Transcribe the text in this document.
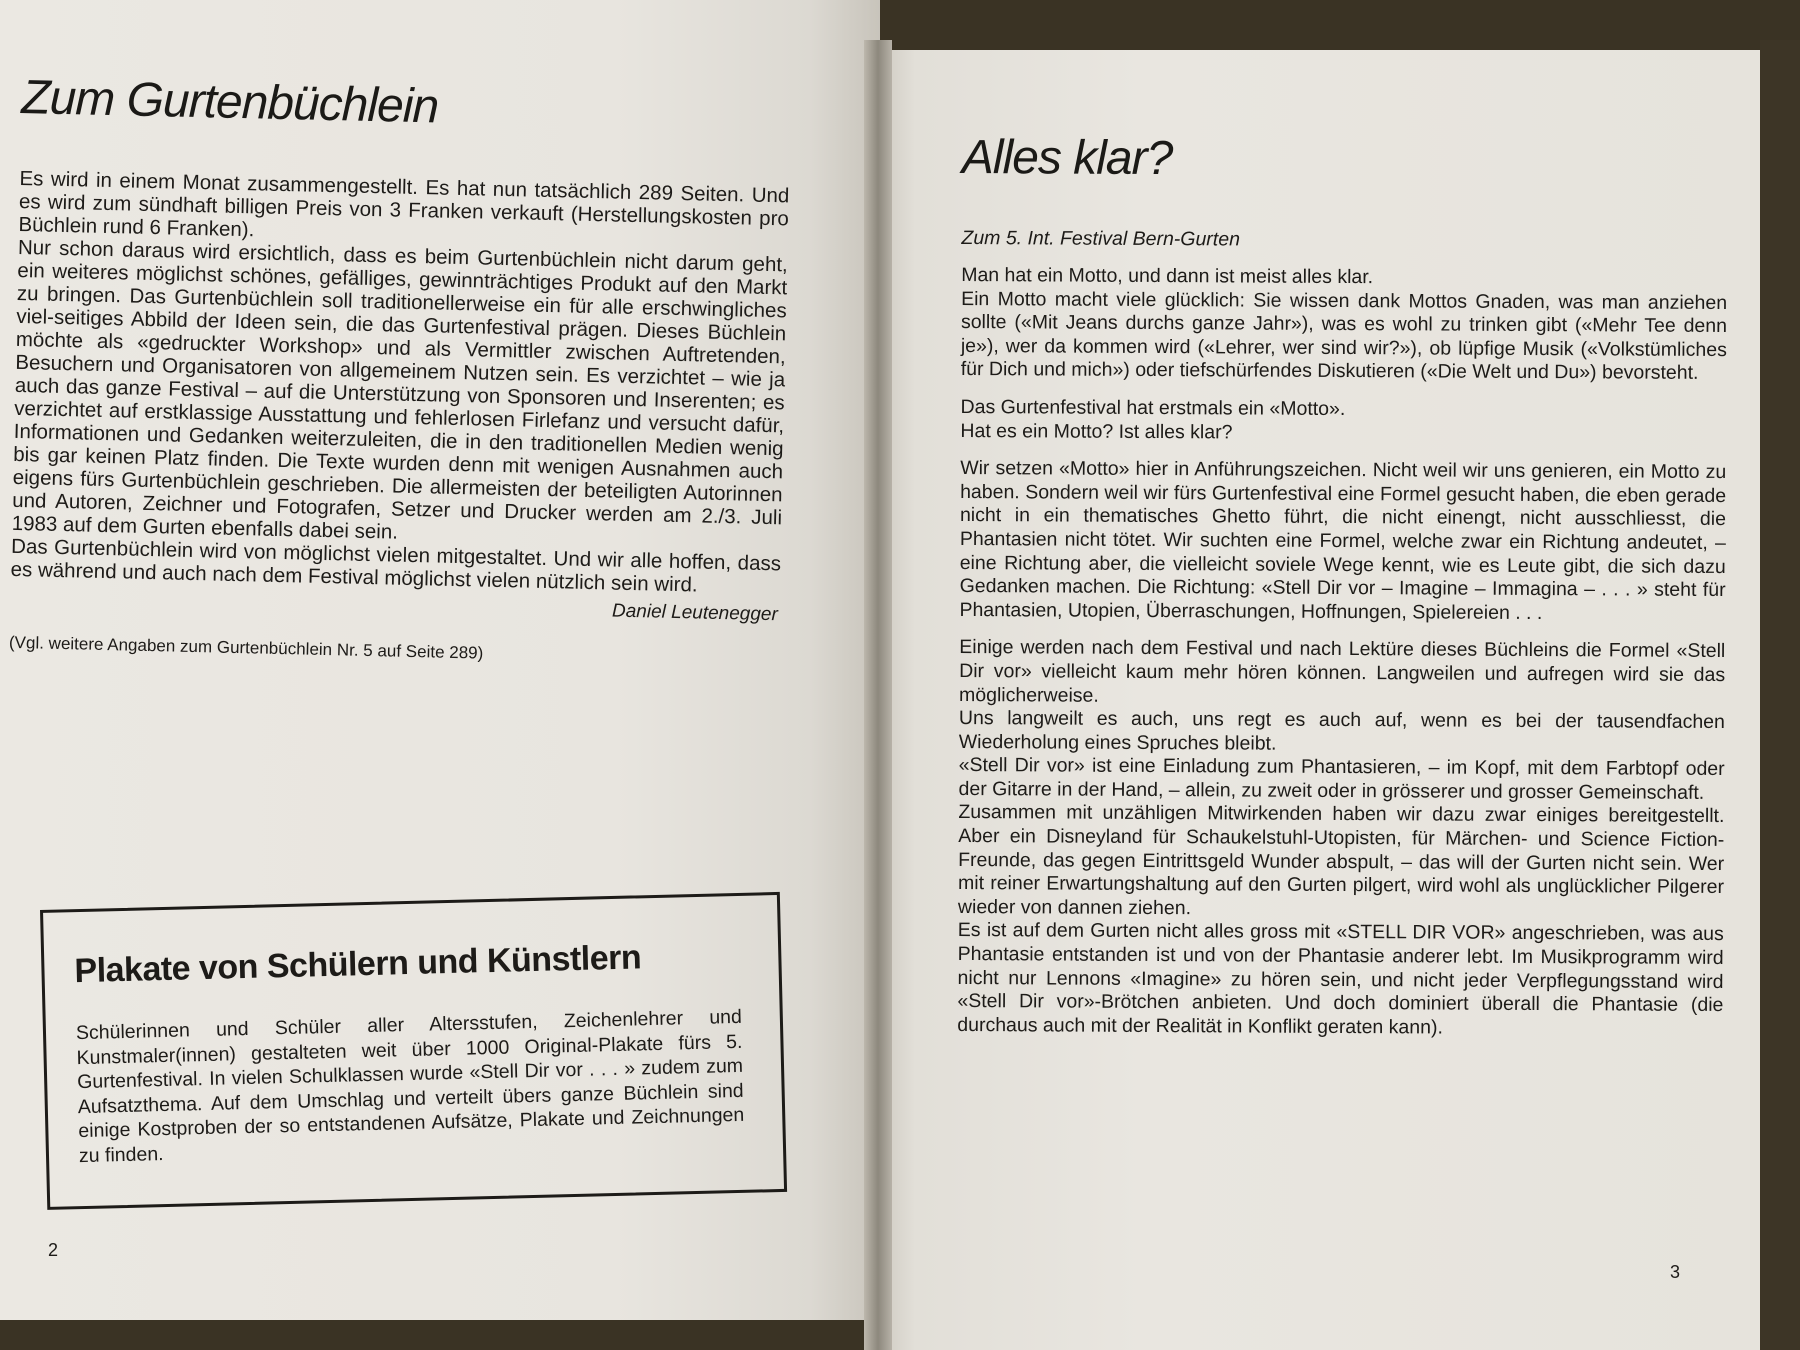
Zum Gurtenbüchlein

Es wird in einem Monat zusammengestellt. Es hat nun tatsächlich 289 Seiten. Und es wird zum sündhaft billigen Preis von 3 Franken verkauft (Herstellungskosten pro Büchlein rund 6 Franken).

Nur schon daraus wird ersichtlich, dass es beim Gurtenbüchlein nicht darum geht, ein weiteres möglichst schönes, gefälliges, gewinnträchtiges Produkt auf den Markt zu bringen. Das Gurtenbüchlein soll traditionellerweise ein für alle erschwingliches viel-seitiges Abbild der Ideen sein, die das Gurtenfestival prägen. Dieses Büchlein möchte als «gedruckter Workshop» und als Vermittler zwischen Auftretenden, Besuchern und Organisatoren von allgemeinem Nutzen sein. Es verzichtet – wie ja auch das ganze Festival – auf die Unterstützung von Sponsoren und Inserenten; es verzichtet auf erstklassige Ausstattung und fehlerlosen Firlefanz und versucht dafür, Informationen und Gedanken weiterzuleiten, die in den traditionellen Medien wenig bis gar keinen Platz finden. Die Texte wurden denn mit wenigen Ausnahmen auch eigens fürs Gurtenbüchlein geschrieben. Die allermeisten der beteiligten Autorinnen und Autoren, Zeichner und Fotografen, Setzer und Drucker werden am 2./3. Juli 1983 auf dem Gurten ebenfalls dabei sein.

Das Gurtenbüchlein wird von möglichst vielen mitgestaltet. Und wir alle hoffen, dass es während und auch nach dem Festival möglichst vielen nützlich sein wird.

Daniel Leutenegger
(Vgl. weitere Angaben zum Gurtenbüchlein Nr. 5 auf Seite 289)
Plakate von Schülern und Künstlern

Schülerinnen und Schüler aller Altersstufen, Zeichenlehrer und Kunstmaler(innen) gestalteten weit über 1000 Original-Plakate fürs 5. Gurtenfestival. In vielen Schulklassen wurde «Stell Dir vor . . . » zudem zum Aufsatzthema. Auf dem Umschlag und verteilt übers ganze Büchlein sind einige Kostproben der so entstandenen Aufsätze, Plakate und Zeichnungen zu finden.

2
Alles klar?
Zum 5. Int. Festival Bern-Gurten

Man hat ein Motto, und dann ist meist alles klar.

Ein Motto macht viele glücklich: Sie wissen dank Mottos Gnaden, was man anziehen sollte («Mit Jeans durchs ganze Jahr»), was es wohl zu trinken gibt («Mehr Tee denn je»), wer da kommen wird («Lehrer, wer sind wir?»), ob lüpfige Musik («Volkstümliches für Dich und mich») oder tiefschürfendes Diskutieren («Die Welt und Du») bevorsteht.

Das Gurtenfestival hat erstmals ein «Motto».

Hat es ein Motto? Ist alles klar?

Wir setzen «Motto» hier in Anführungszeichen. Nicht weil wir uns genieren, ein Motto zu haben. Sondern weil wir fürs Gurtenfestival eine Formel gesucht haben, die eben gerade nicht in ein thematisches Ghetto führt, die nicht einengt, nicht ausschliesst, die Phantasien nicht tötet. Wir suchten eine Formel, welche zwar ein Richtung andeutet, – eine Richtung aber, die vielleicht soviele Wege kennt, wie es Leute gibt, die sich dazu Gedanken machen. Die Richtung: «Stell Dir vor – Imagine – Immagina – . . . » steht für Phantasien, Utopien, Überraschungen, Hoffnungen, Spielereien . . .

Einige werden nach dem Festival und nach Lektüre dieses Büchleins die Formel «Stell Dir vor» vielleicht kaum mehr hören können. Langweilen und aufregen wird sie das möglicherweise.

Uns langweilt es auch, uns regt es auch auf, wenn es bei der tausendfachen Wiederholung eines Spruches bleibt.

«Stell Dir vor» ist eine Einladung zum Phantasieren, – im Kopf, mit dem Farbtopf oder der Gitarre in der Hand, – allein, zu zweit oder in grösserer und grosser Gemeinschaft.

Zusammen mit unzähligen Mitwirkenden haben wir dazu zwar einiges bereitgestellt. Aber ein Disneyland für Schaukelstuhl-Utopisten, für Märchen- und Science Fiction-Freunde, das gegen Eintrittsgeld Wunder abspult, – das will der Gurten nicht sein. Wer mit reiner Erwartungshaltung auf den Gurten pilgert, wird wohl als unglücklicher Pilgerer wieder von dannen ziehen.

Es ist auf dem Gurten nicht alles gross mit «STELL DIR VOR» angeschrieben, was aus Phantasie entstanden ist und von der Phantasie anderer lebt. Im Musikprogramm wird nicht nur Lennons «Imagine» zu hören sein, und nicht jeder Verpflegungsstand wird «Stell Dir vor»-Brötchen anbieten. Und doch dominiert überall die Phantasie (die durchaus auch mit der Realität in Konflikt geraten kann).

3
